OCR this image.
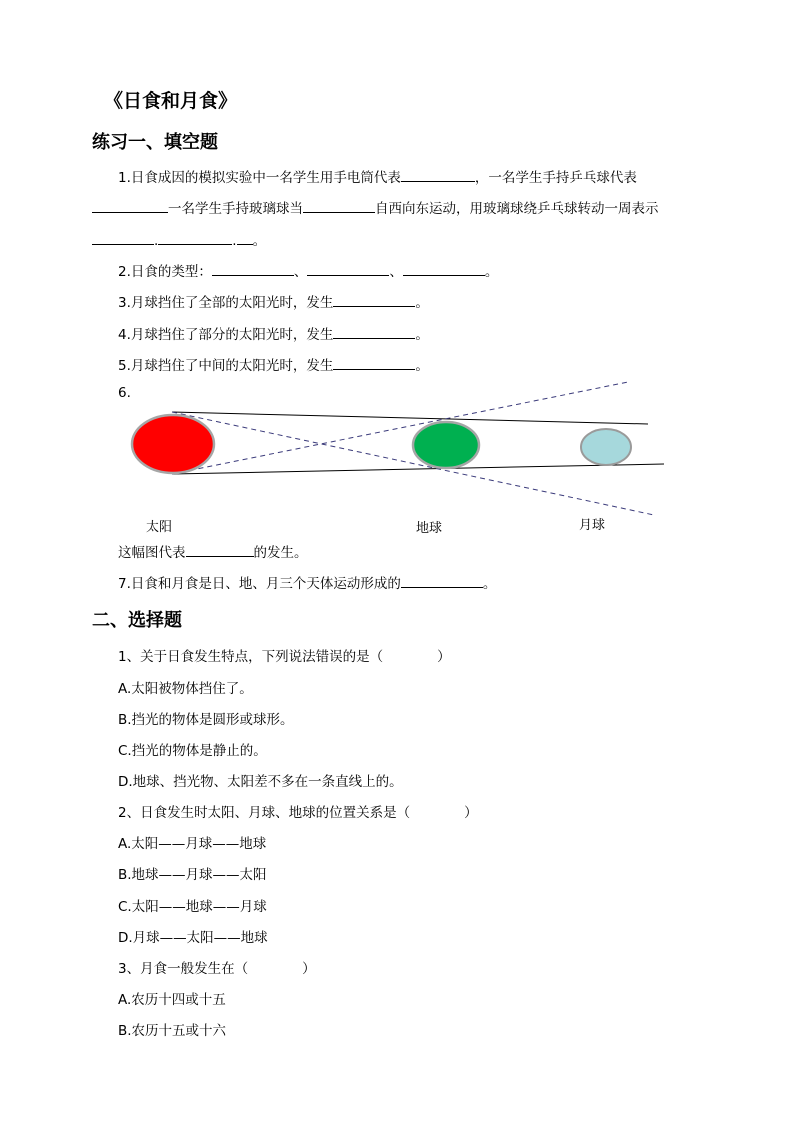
《日食和月食》
练习一、填空题
1.日食成因的模拟实验中一名学生用手电筒代表	，一名学生手持乒乓球代表
一名学生手持玻璃球当	自西向东运动，用玻璃球绕乒乓球转动一周表示
.	. 。
2.日食的类型：	、	、	。
3.月球挡住了全部的太阳光时，发生	。
4.月球挡住了部分的太阳光时，发生	。
5.月球挡住了中间的太阳光时，发生	。
6.
太阳	地球	月球
这幅图代表	的发生。
7.日食和月食是日、地、月三个天体运动形成的	。
二、选择题
1、关于日食发生特点，下列说法错误的是（　　　　）
A.太阳被物体挡住了。
B.挡光的物体是圆形或球形。
C.挡光的物体是静止的。
D.地球、挡光物、太阳差不多在一条直线上的。
2、日食发生时太阳、月球、地球的位置关系是（　　　　）
A.太阳——月球——地球
B.地球——月球——太阳
C.太阳——地球——月球
D.月球——太阳——地球
3、月食一般发生在（　　　　）
A.农历十四或十五
B.农历十五或十六
